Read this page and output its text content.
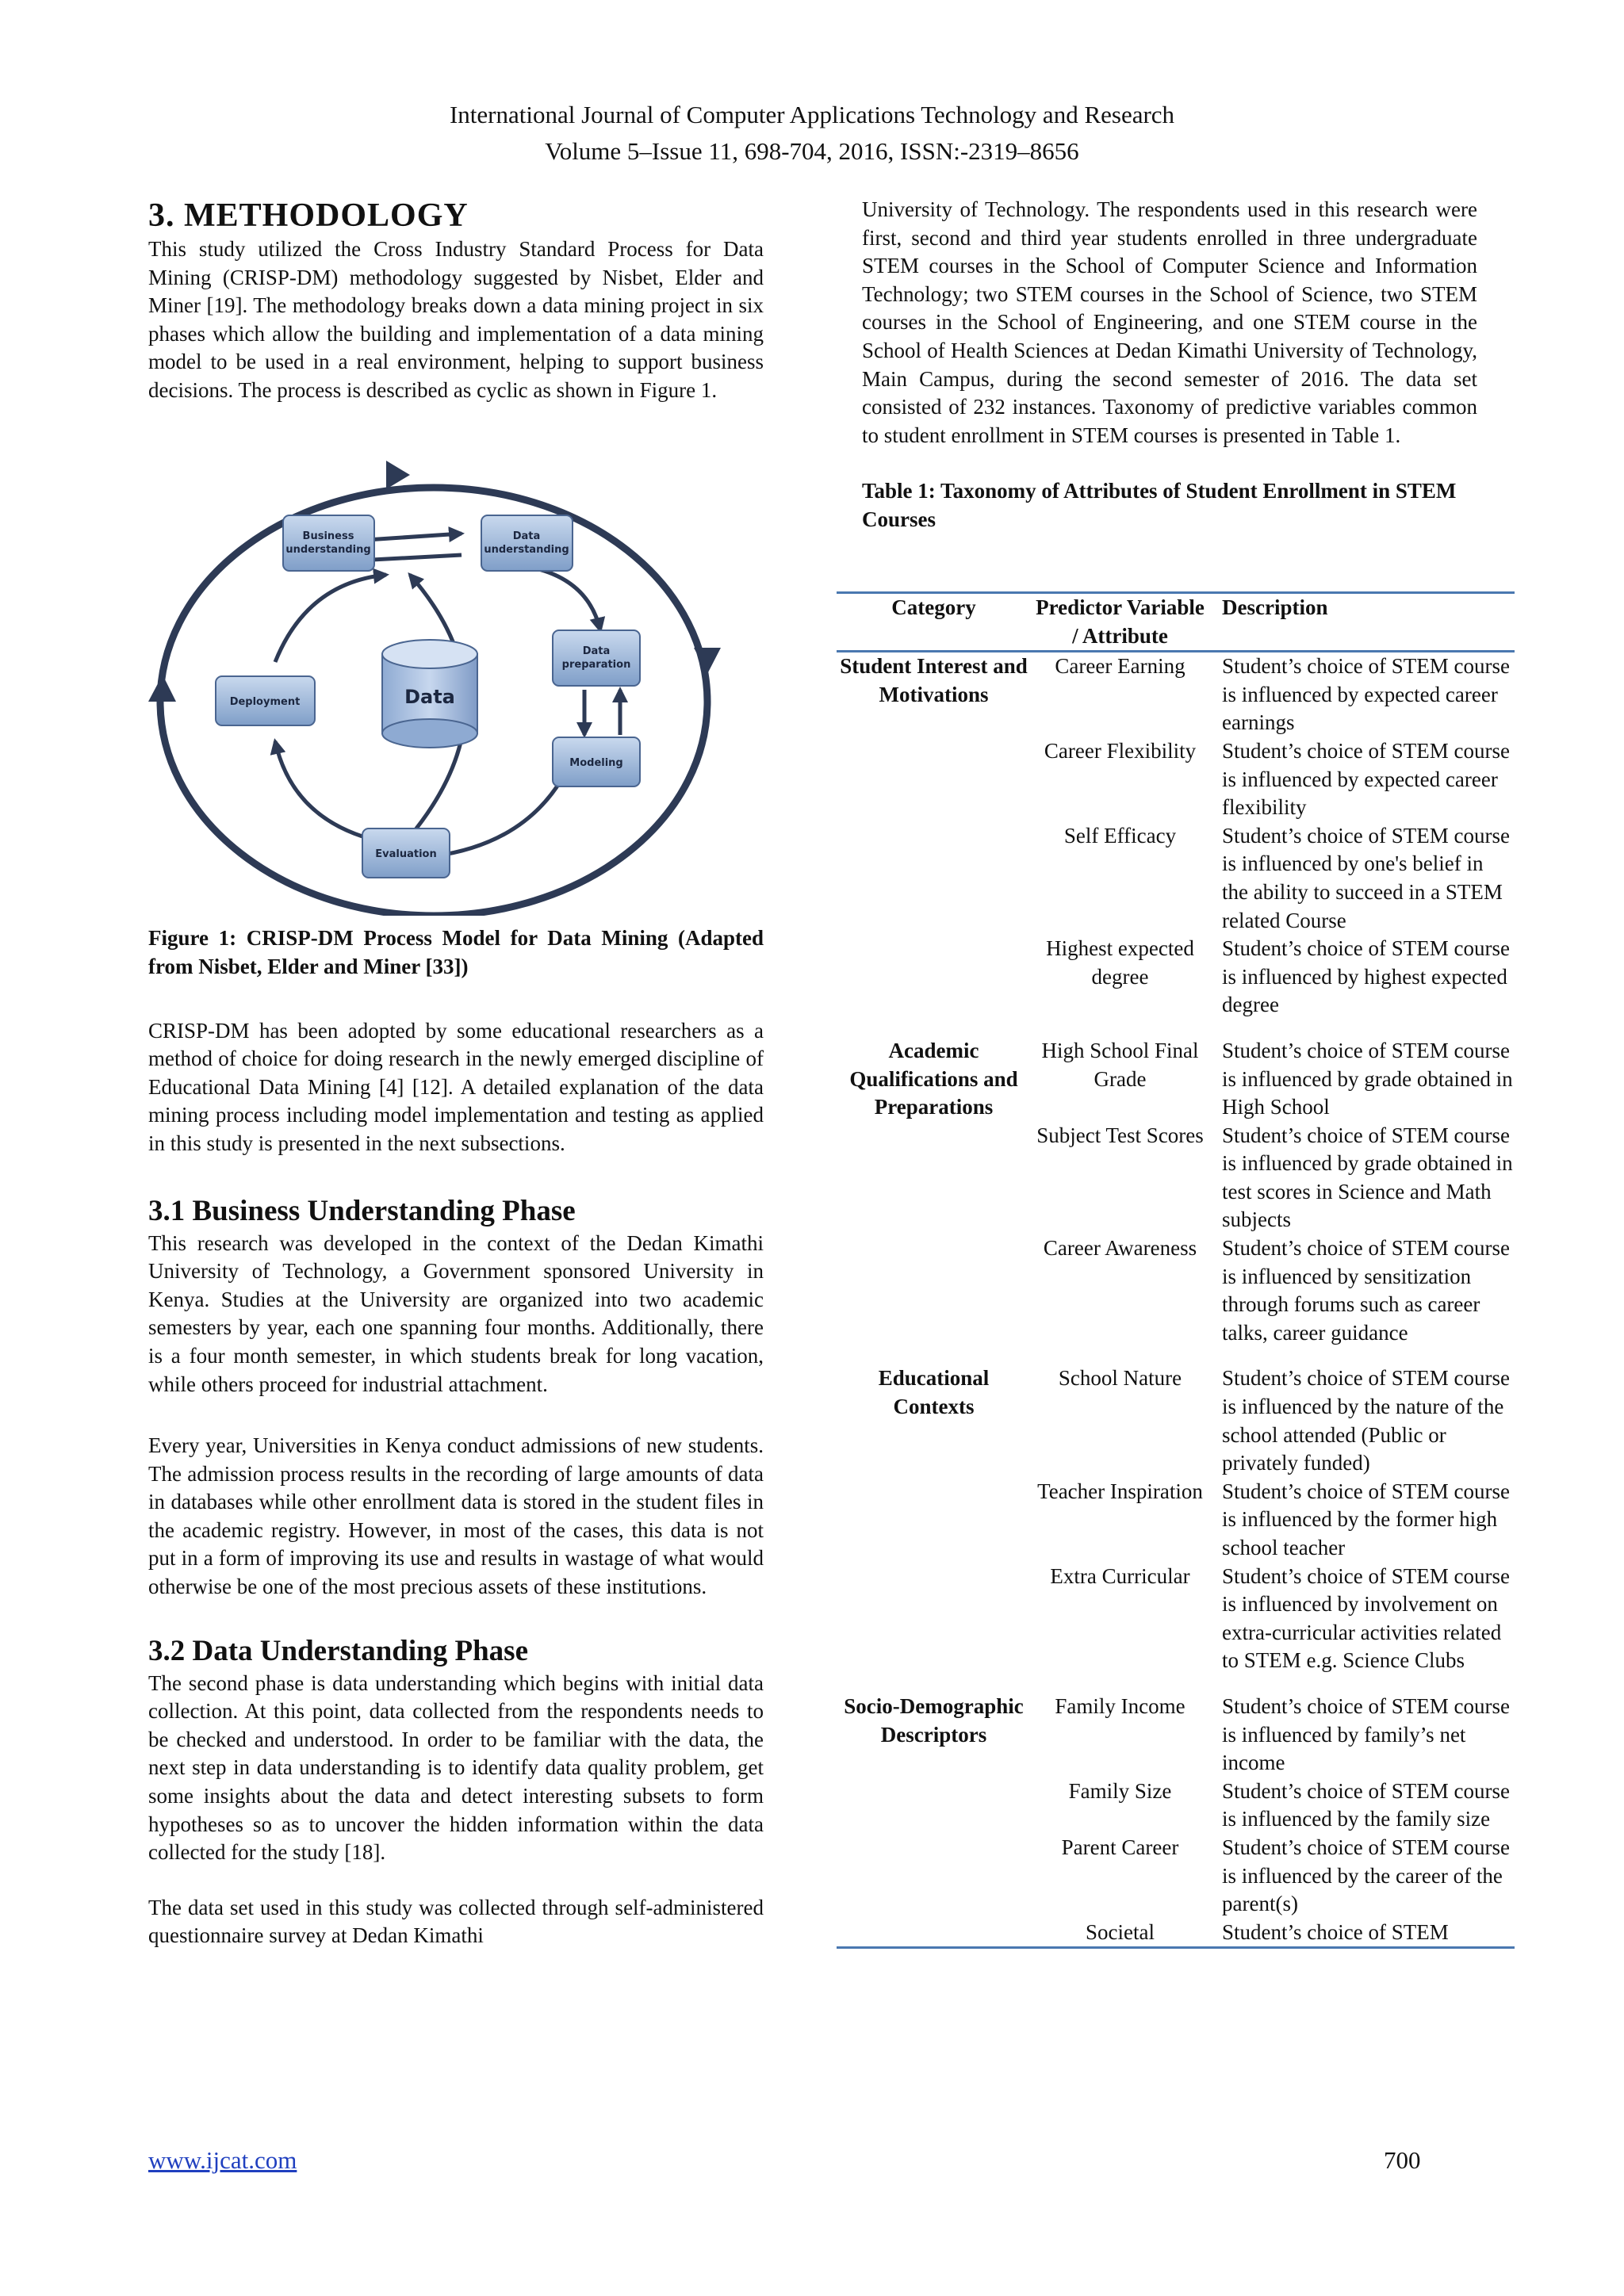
International Journal of Computer Applications Technology and Research
Volume 5–Issue 11, 698-704, 2016, ISSN:-2319–8656
3. METHODOLOGY

This study utilized the Cross Industry Standard Process for Data Mining (CRISP-DM) methodology suggested by Nisbet, Elder and Miner [19]. The methodology breaks down a data mining project in six phases which allow the building and implementation of a data mining model to be used in a real environment, helping to support business decisions. The process is described as cyclic as shown in Figure 1.

Business
understanding
Data
understanding
Data
preparation
Modeling
Evaluation
Deployment	Data

Figure 1: CRISP-DM Process Model for Data Mining (Adapted from Nisbet, Elder and Miner [33])

CRISP-DM has been adopted by some educational researchers as a method of choice for doing research in the newly emerged discipline of Educational Data Mining [4] [12]. A detailed explanation of the data mining process including model implementation and testing as applied in this study is presented in the next subsections.

3.1 Business Understanding Phase

This research was developed in the context of the Dedan Kimathi University of Technology, a Government sponsored University in Kenya. Studies at the University are organized into two academic semesters by year, each one spanning four months. Additionally, there is a four month semester, in which students break for long vacation, while others proceed for industrial attachment.

Every year, Universities in Kenya conduct admissions of new students. The admission process results in the recording of large amounts of data in databases while other enrollment data is stored in the student files in the academic registry. However, in most of the cases, this data is not put in a form of improving its use and results in wastage of what would otherwise be one of the most precious assets of these institutions.

3.2 Data Understanding Phase

The second phase is data understanding which begins with initial data collection. At this point, data collected from the respondents needs to be checked and understood. In order to be familiar with the data, the next step in data understanding is to identify data quality problem, get some insights about the data and detect interesting subsets to form hypotheses so as to uncover the hidden information within the data collected for the study [18].

The data set used in this study was collected through self-administered questionnaire survey at Dedan Kimathi

University of Technology. The respondents used in this research were first, second and third year students enrolled in three undergraduate STEM courses in the School of Computer Science and Information Technology; two STEM courses in the School of Science, two STEM courses in the School of Engineering, and one STEM course in the School of Health Sciences at Dedan Kimathi University of Technology, Main Campus, during the second semester of 2016. The data set consisted of 232 instances. Taxonomy of predictive variables common to student enrollment in STEM courses is presented in Table 1.

Table 1: Taxonomy of Attributes of Student Enrollment in STEM Courses

Category	Predictor Variable / Attribute	Description
Student Interest and Motivations	Career Earning	Student’s choice of STEM course is influenced by expected career earnings
	Career Flexibility	Student’s choice of STEM course is influenced by expected career flexibility
	Self Efficacy	Student’s choice of STEM course is influenced by one's belief in the ability to succeed in a STEM related Course
	Highest expected degree	Student’s choice of STEM course is influenced by highest expected degree
Academic Qualifications and Preparations	High School Final Grade	Student’s choice of STEM course is influenced by grade obtained in High School
	Subject Test Scores	Student’s choice of STEM course is influenced by grade obtained in test scores in Science and Math subjects
	Career Awareness	Student’s choice of STEM course is influenced by sensitization through forums such as career talks, career guidance
Educational Contexts	School Nature	Student’s choice of STEM course is influenced by the nature of the school attended (Public or privately funded)
	Teacher Inspiration	Student’s choice of STEM course is influenced by the former high school teacher
	Extra Curricular	Student’s choice of STEM course is influenced by involvement on extra-curricular activities related to STEM e.g. Science Clubs
Socio-Demographic Descriptors	Family Income	Student’s choice of STEM course is influenced by family’s net income
	Family Size	Student’s choice of STEM course is influenced by the family size
	Parent Career	Student’s choice of STEM course is influenced by the career of the parent(s)
	Societal	Student’s choice of STEM
www.ijcat.com	700
